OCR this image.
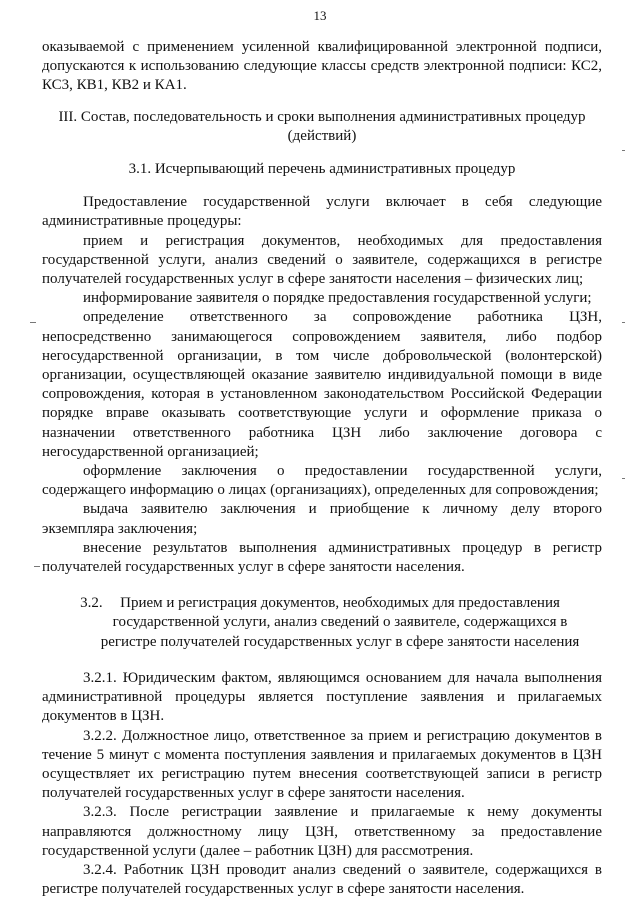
13

оказываемой с применением усиленной квалифицированной электронной подписи, допускаются к использованию следующие классы средств электронной подписи: КС2, КС3, КВ1, КВ2 и КА1.

III. Состав, последовательность и сроки выполнения административных процедур
(действий)
3.1. Исчерпывающий перечень административных процедур

Предоставление государственной услуги включает в себя следующие административные процедуры:

прием и регистрация документов, необходимых для предоставления государственной услуги, анализ сведений о заявителе, содержащихся в регистре получателей государственных услуг в сфере занятости населения – физических лиц;

информирование заявителя о порядке предоставления государственной услуги;

определение ответственного за сопровождение работника ЦЗН, непосредственно занимающегося сопровождением заявителя, либо подбор негосударственной организации, в том числе добровольческой (волонтерской) организации, осуществляющей оказание заявителю индивидуальной помощи в виде сопровождения, которая в установленном законодательством Российской Федерации порядке вправе оказывать соответствующие услуги и оформление приказа о назначении ответственного работника ЦЗН либо заключение договора с негосударственной организацией;

оформление заключения о предоставлении государственной услуги, содержащего информацию о лицах (организациях), определенных для сопровождения;

выдача заявителю заключения и приобщение к личному делу второго экземпляра заключения;

внесение результатов выполнения административных процедур в регистр получателей государственных услуг в сфере занятости населения.

3.2. Прием и регистрация документов, необходимых для предоставления
государственной услуги, анализ сведений о заявителе, содержащихся в
регистре получателей государственных услуг в сфере занятости населения

3.2.1. Юридическим фактом, являющимся основанием для начала выполнения административной процедуры является поступление заявления и прилагаемых документов в ЦЗН.

3.2.2. Должностное лицо, ответственное за прием и регистрацию документов в течение 5 минут с момента поступления заявления и прилагаемых документов в ЦЗН осуществляет их регистрацию путем внесения соответствующей записи в регистр получателей государственных услуг в сфере занятости населения.

3.2.3. После регистрации заявление и прилагаемые к нему документы направляются должностному лицу ЦЗН, ответственному за предоставление государственной услуги (далее – работник ЦЗН) для рассмотрения.

3.2.4. Работник ЦЗН проводит анализ сведений о заявителе, содержащихся в регистре получателей государственных услуг в сфере занятости населения.
